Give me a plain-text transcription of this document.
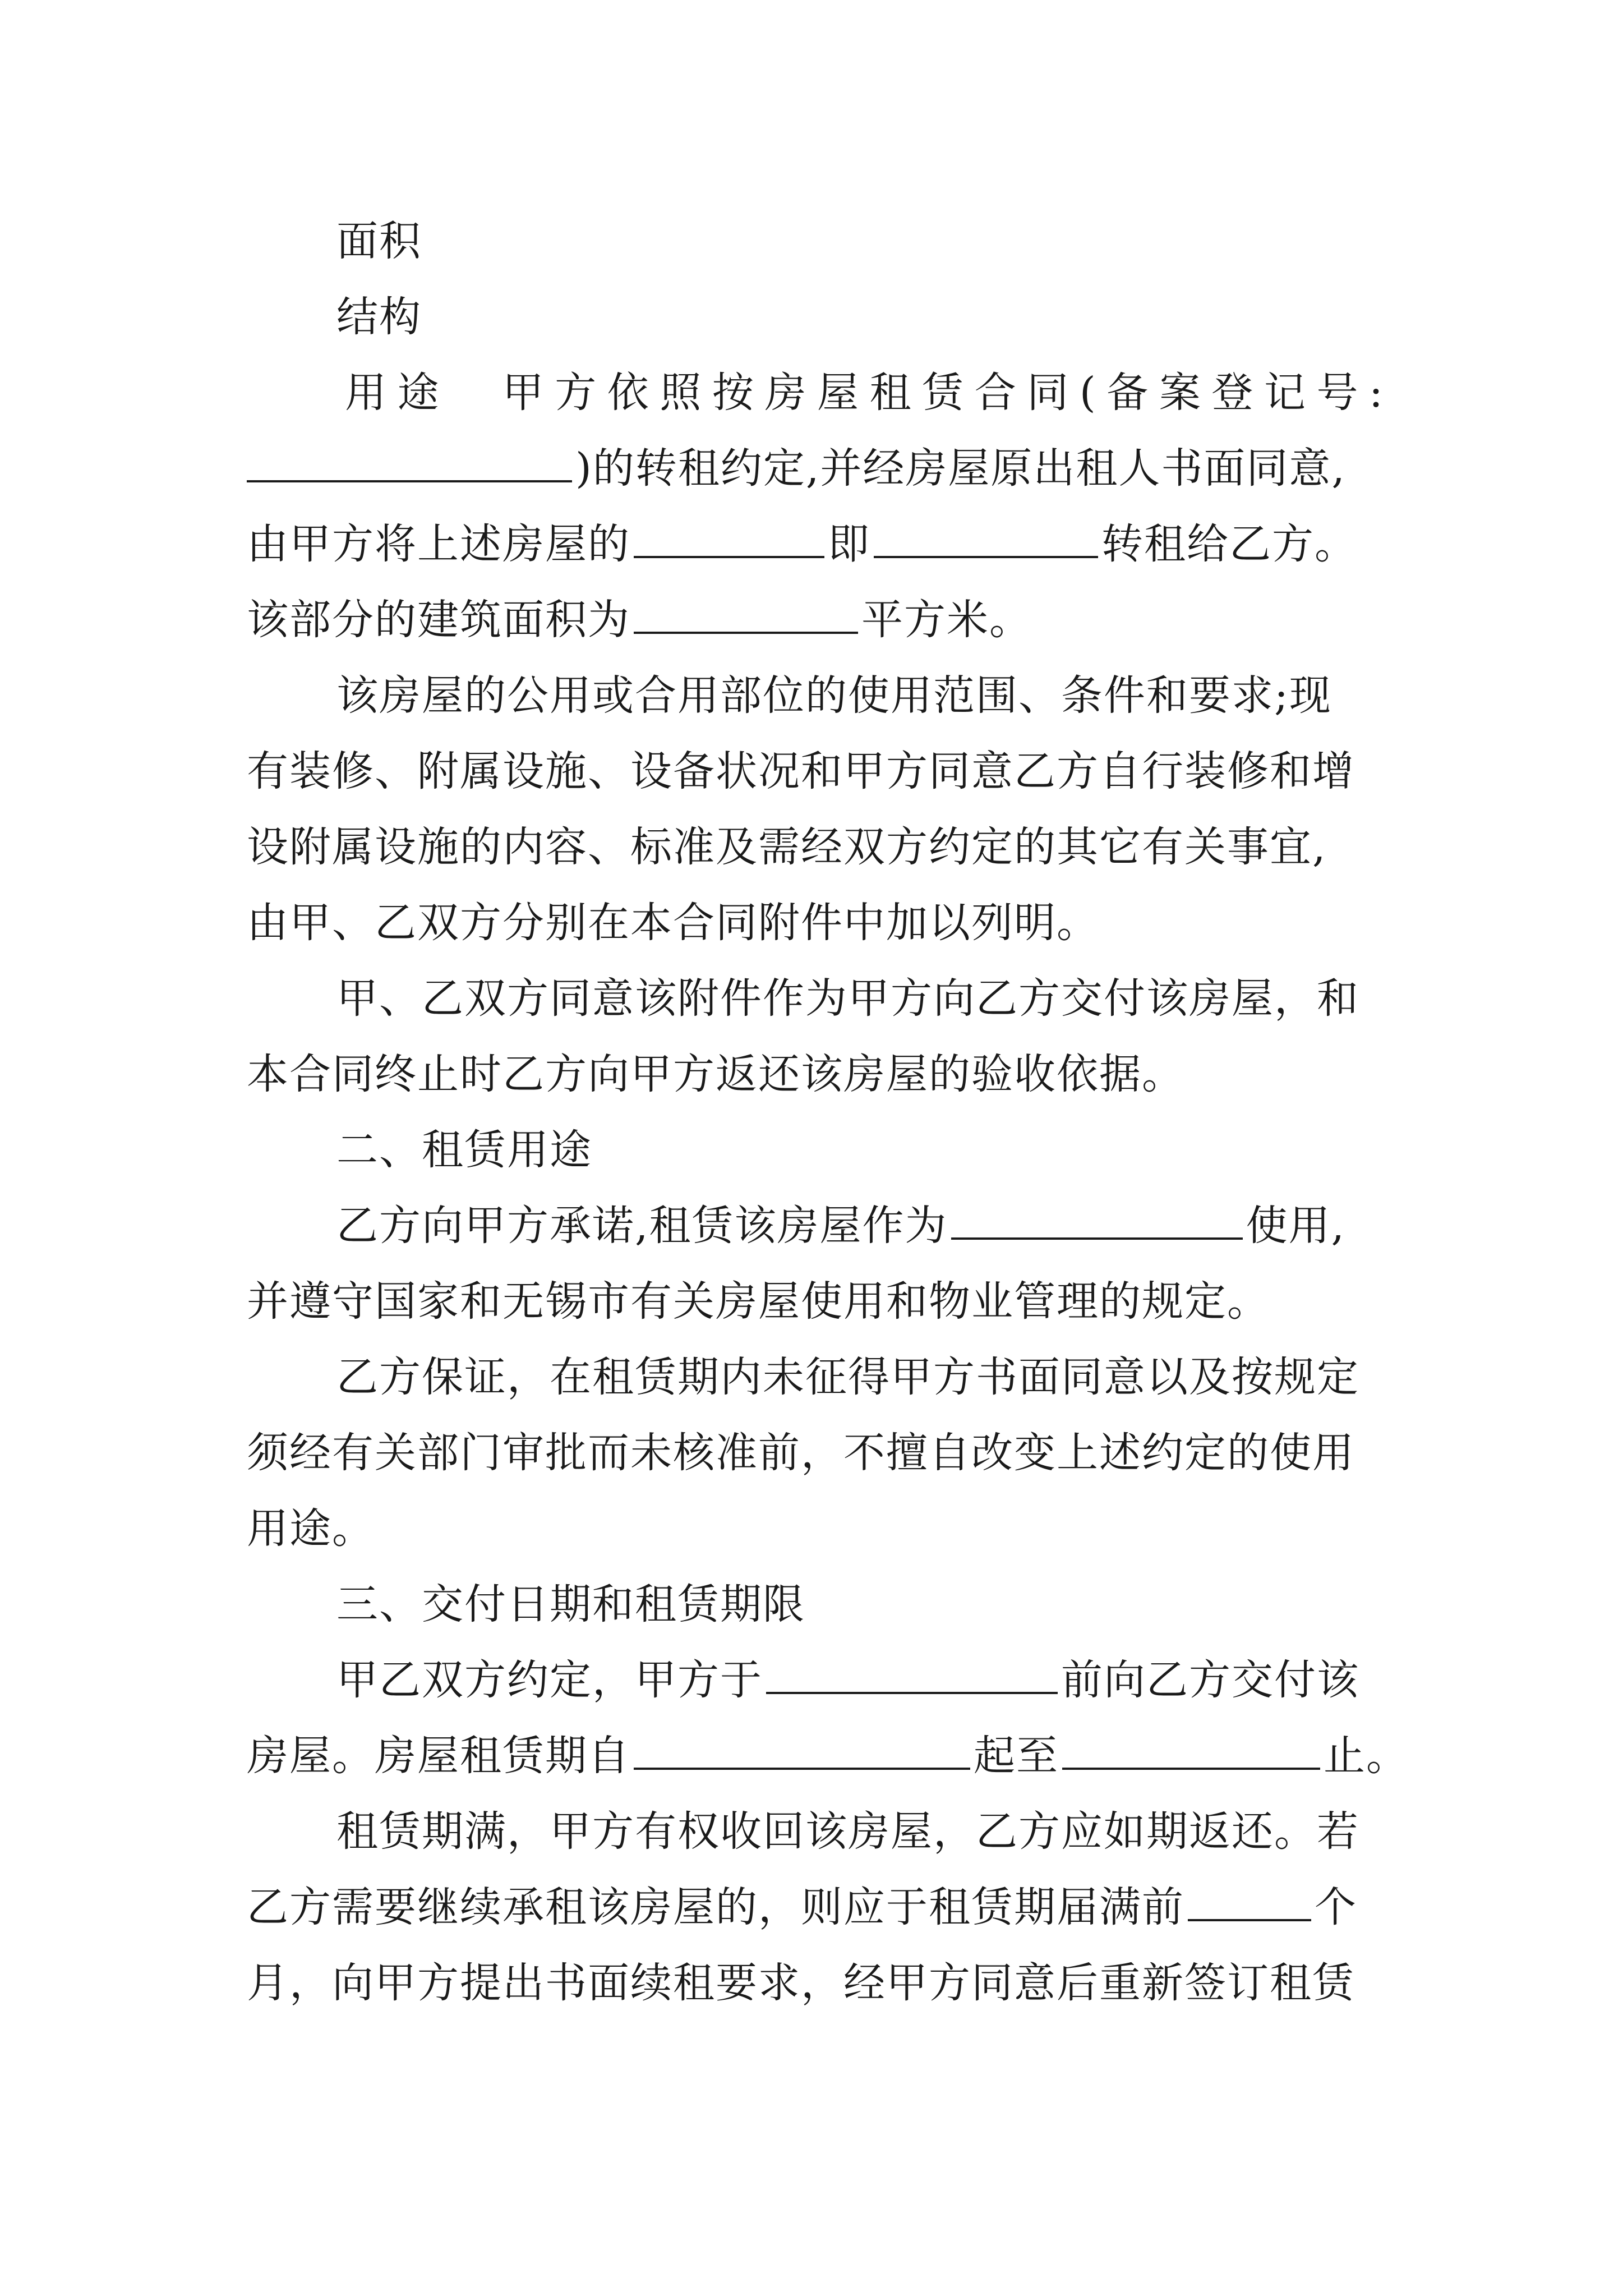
面积
结构
用途　甲方依照按房屋租赁合同(备案登记号:
)的转租约定,并经房屋原出租人书面同意,
由甲方将上述房屋的	即	转租给乙方。
该部分的建筑面积为	平方米。
该房屋的公用或合用部位的使用范围、条件和要求;现
有装修、附属设施、设备状况和甲方同意乙方自行装修和增
设附属设施的内容、标准及需经双方约定的其它有关事宜,
由甲、乙双方分别在本合同附件中加以列明。
甲、乙双方同意该附件作为甲方向乙方交付该房屋，和
本合同终止时乙方向甲方返还该房屋的验收依据。
二、租赁用途
乙方向甲方承诺,租赁该房屋作为	使用,
并遵守国家和无锡市有关房屋使用和物业管理的规定。
乙方保证，在租赁期内未征得甲方书面同意以及按规定
须经有关部门审批而未核准前，不擅自改变上述约定的使用
用途。
三、交付日期和租赁期限
甲乙双方约定，甲方于	前向乙方交付该
房屋。房屋租赁期自	起至	止。
租赁期满，甲方有权收回该房屋，乙方应如期返还。若
乙方需要继续承租该房屋的，则应于租赁期届满前	个
月，向甲方提出书面续租要求，经甲方同意后重新签订租赁
